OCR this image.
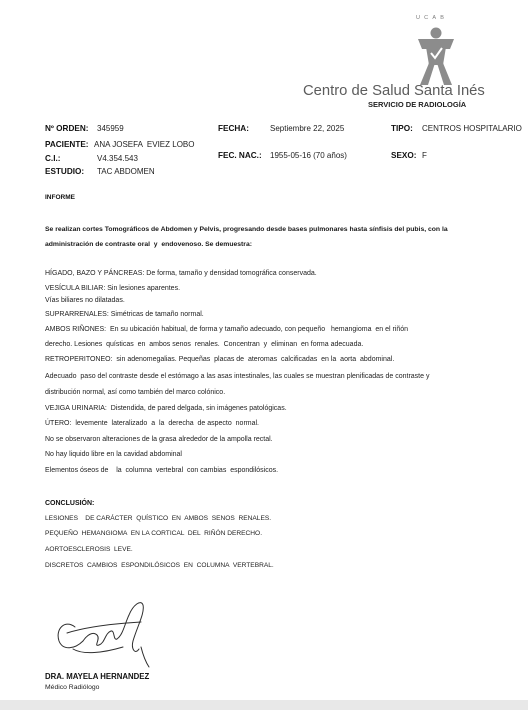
UCAB
Centro de Salud Santa Inés
SERVICIO DE RADIOLOGÍA
Nº ORDEN: 345959	FECHA:	Septiembre 22, 2025	TIPO: CENTROS HOSPITALARIO
PACIENTE: ANA JOSEFA  EVIEZ LOBO
FEC. NAC.: 1955-05-16 (70 años)	SEXO: F
C.I.:	V4.354.543
ESTUDIO: TAC ABDOMEN
INFORME
Se realizan cortes Tomográficos de Abdomen y Pelvis, progresando desde bases pulmonares hasta sínfisis del pubis, con la
administración de contraste oral  y  endovenoso. Se demuestra:
HÍGADO, BAZO Y PÁNCREAS: De forma, tamaño y densidad tomográfica conservada.
VESÍCULA BILIAR: Sin lesiones aparentes.
Vías biliares no dilatadas.
SUPRARRENALES: Simétricas de tamaño normal.
AMBOS RIÑONES:  En su ubicación habitual, de forma y tamaño adecuado, con pequeño   hemangioma  en el riñón
derecho. Lesiones  quísticas  en  ambos senos  renales.  Concentran  y  eliminan  en forma adecuada.
RETROPERITONEO:  sin adenomegalias. Pequeñas  placas de  ateromas  calcificadas  en la  aorta  abdominal.
Adecuado  paso del contraste desde el estómago a las asas intestinales, las cuales se muestran plenificadas de contraste y
distribución normal, así como también del marco colónico.
VEJIGA URINARIA:  Distendida, de pared delgada, sin imágenes patológicas.
ÚTERO:  levemente  lateralizado  a  la  derecha  de aspecto  normal.
No se observaron alteraciones de la grasa alrededor de la ampolla rectal.
No hay liquido libre en la cavidad abdominal
Elementos óseos de    la  columna  vertebral  con cambias  espondilósicos.
CONCLUSIÓN:
LESIONES    DE CARÁCTER  QUÍSTICO  EN  AMBOS  SENOS  RENALES.
PEQUEÑO  HEMANGIOMA  EN LA CORTICAL  DEL  RIÑÓN DERECHO.
AORTOESCLEROSIS  LEVE.
DISCRETOS  CAMBIOS  ESPONDILÓSICOS  EN  COLUMNA  VERTEBRAL.
DRA. MAYELA HERNANDEZ
Médico Radiólogo
